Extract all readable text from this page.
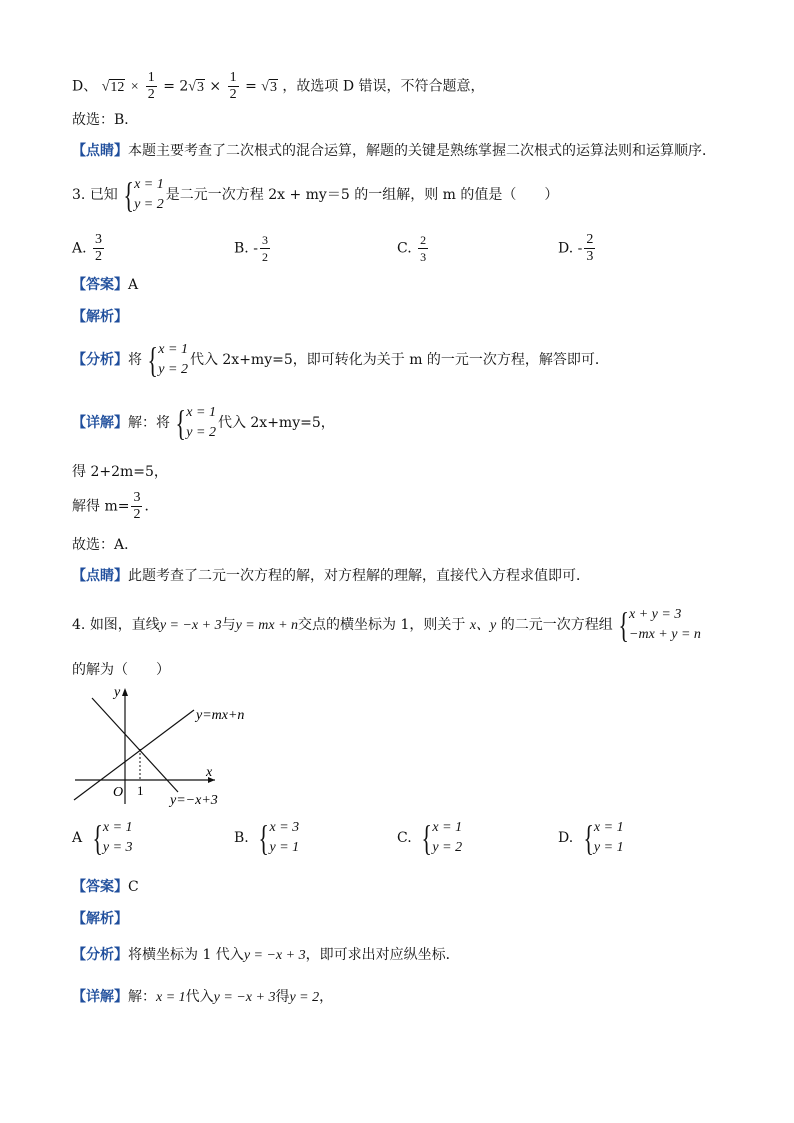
D、 $√12 \times \frac{1}{2} = 2√3 \times \frac{1}{2} = √3$ ，故选项 D 错误，不符合题意，
故选：B．
【点睛】本题主要考查了二次根式的混合运算，解题的关键是熟练掌握二次根式的运算法则和运算顺序．
3. 已知 { x = 1
y = 2
是二元一次方程 2x + my＝5 的一组解，则 m 的值是（　　）
A. $\frac{3}{2}$	B. - $\frac{3}{2}$	C. $\frac{2}{3}$	D. - $\frac{2}{3}$
【答案】A
【解析】
【分析】将 { x = 1
y = 2
代入 2x+my=5，即可转化为关于 m 的一元一次方程，解答即可．
【详解】解：将 { x = 1
y = 2
代入 2x+my=5，
得 2+2m=5，
解得 $m= \frac{3}{2}$ ．
故选：A．
【点睛】此题考查了二元一次方程的解，对方程解的理解，直接代入方程求值即可．
4. 如图，直线y = −x + 3与y = mx + n交点的横坐标为 1，则关于 x、y 的二元一次方程组 { x + y = 3
−mx + y = n
的解为（　　）
y
x
O 1
y=mx+n
y=−x+3
A { x = 1
y = 3
B. { x = 3
y = 1
C. { x = 1
y = 2
D. { x = 1
y = 1
【答案】C
【解析】
【分析】将横坐标为 1 代入y = −x + 3，即可求出对应纵坐标．
【详解】解：x = 1代入y = −x + 3得y = 2，
